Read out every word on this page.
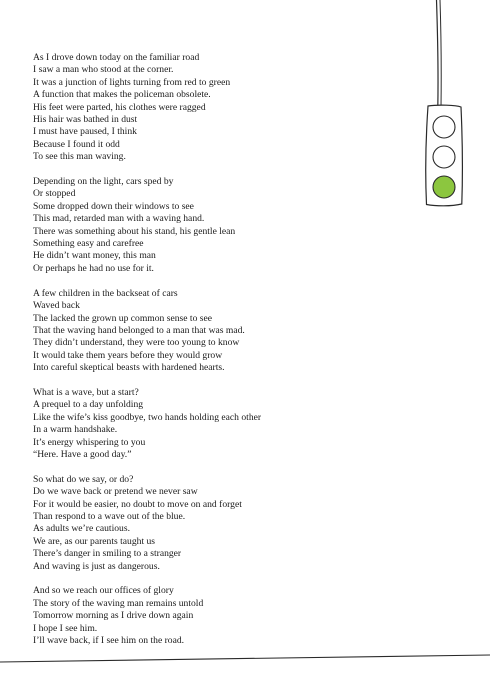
As I drove down today on the familiar road
I saw a man who stood at the corner.
It was a junction of lights turning from red to green
A function that makes the policeman obsolete.
His feet were parted, his clothes were ragged
His hair was bathed in dust
I must have paused, I think
Because I found it odd
To see this man waving.
Depending on the light, cars sped by
Or stopped
Some dropped down their windows to see
This mad, retarded man with a waving hand.
There was something about his stand, his gentle lean
Something easy and carefree
He didn’t want money, this man
Or perhaps he had no use for it.
A few children in the backseat of cars
Waved back
The lacked the grown up common sense to see
That the waving hand belonged to a man that was mad.
They didn’t understand, they were too young to know
It would take them years before they would grow
Into careful skeptical beasts with hardened hearts.
What is a wave, but a start?
A prequel to a day unfolding
Like the wife’s kiss goodbye, two hands holding each other
In a warm handshake.
It’s energy whispering to you
“Here. Have a good day.”
So what do we say, or do?
Do we wave back or pretend we never saw
For it would be easier, no doubt to move on and forget
Than respond to a wave out of the blue.
As adults we’re cautious.
We are, as our parents taught us
There’s danger in smiling to a stranger
And waving is just as dangerous.
And so we reach our offices of glory
The story of the waving man remains untold
Tomorrow morning as I drive down again
I hope I see him.
I’ll wave back, if I see him on the road.
